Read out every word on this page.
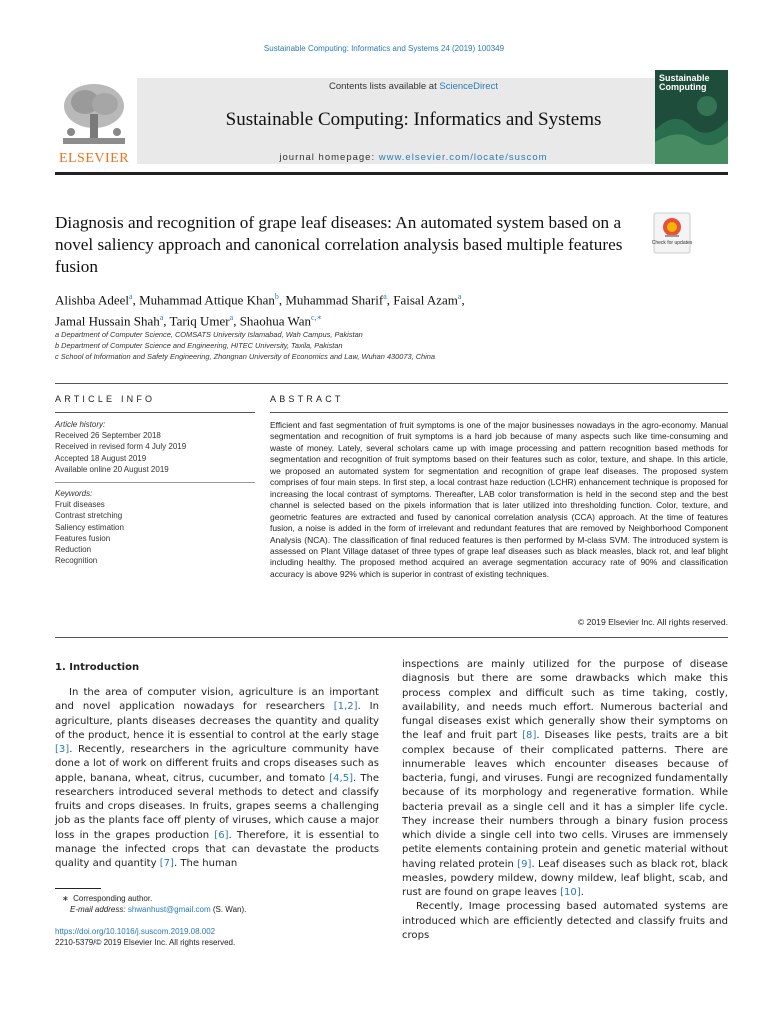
Sustainable Computing: Informatics and Systems 24 (2019) 100349
ELSEVIER
Contents lists available at ScienceDirect
Sustainable Computing: Informatics and Systems
journal homepage: www.elsevier.com/locate/suscom
Sustainable Computing
Diagnosis and recognition of grape leaf diseases: An automated system based on a novel saliency approach and canonical correlation analysis based multiple features fusion
Check for updates
Alishba Adeel$^a$, Muhammad Attique Khan$^b$, Muhammad Sharif$^a$, Faisal Azam$^a$,
Jamal Hussain Shah$^a$, Tariq Umer$^a$, Shaohua Wan$^{c,∗}$
a Department of Computer Science, COMSATS University Islamabad, Wah Campus, Pakistan
b Department of Computer Science and Engineering, HITEC University, Taxila, Pakistan
c School of Information and Safety Engineering, Zhongnan University of Economics and Law, Wuhan 430073, China
ARTICLE INFO	ABSTRACT
Article history:
Received 26 September 2018
Received in revised form 4 July 2019
Accepted 18 August 2019
Available online 20 August 2019
Keywords:
Fruit diseases
Contrast stretching
Saliency estimation
Features fusion
Reduction
Recognition
Efficient and fast segmentation of fruit symptoms is one of the major businesses nowadays in the agro-economy. Manual segmentation and recognition of fruit symptoms is a hard job because of many aspects such like time-consuming and waste of money. Lately, several scholars came up with image processing and pattern recognition based methods for segmentation and recognition of fruit symptoms based on their features such as color, texture, and shape. In this article, we proposed an automated system for segmentation and recognition of grape leaf diseases. The proposed system comprises of four main steps. In first step, a local contrast haze reduction (LCHR) enhancement technique is proposed for increasing the local contrast of symptoms. Thereafter, LAB color transformation is held in the second step and the best channel is selected based on the pixels information that is later utilized into thresholding function. Color, texture, and geometric features are extracted and fused by canonical correlation analysis (CCA) approach. At the time of features fusion, a noise is added in the form of irrelevant and redundant features that are removed by Neighborhood Component Analysis (NCA). The classification of final reduced features is then performed by M-class SVM. The introduced system is assessed on Plant Village dataset of three types of grape leaf diseases such as black measles, black rot, and leaf blight including healthy. The proposed method acquired an average segmentation accuracy rate of 90% and classification accuracy is above 92% which is superior in contrast of existing techniques.
© 2019 Elsevier Inc. All rights reserved.
1. Introduction

In the area of computer vision, agriculture is an important and novel application nowadays for researchers [1,2]. In agriculture, plants diseases decreases the quantity and quality of the product, hence it is essential to control at the early stage [3]. Recently, researchers in the agriculture community have done a lot of work on different fruits and crops diseases such as apple, banana, wheat, citrus, cucumber, and tomato [4,5]. The researchers introduced several methods to detect and classify fruits and crops diseases. In fruits, grapes seems a challenging job as the plants face off plenty of viruses, which cause a major loss in the grapes production [6]. Therefore, it is essential to manage the infected crops that can devastate the products quality and quantity [7]. The human

inspections are mainly utilized for the purpose of disease diagnosis but there are some drawbacks which make this process complex and difficult such as time taking, costly, availability, and needs much effort. Numerous bacterial and fungal diseases exist which generally show their symptoms on the leaf and fruit part [8]. Diseases like pests, traits are a bit complex because of their complicated patterns. There are innumerable leaves which encounter diseases because of bacteria, fungi, and viruses. Fungi are recognized fundamentally because of its morphology and regenerative formation. While bacteria prevail as a single cell and it has a simpler life cycle. They increase their numbers through a binary fusion process which divide a single cell into two cells. Viruses are immensely petite elements containing protein and genetic material without having related protein [9]. Leaf diseases such as black rot, black measles, powdery mildew, downy mildew, leaf blight, scab, and rust are found on grape leaves [10].

Recently, Image processing based automated systems are introduced which are efficiently detected and classify fruits and crops

∗ Corresponding author.
E-mail address: shwanhust@gmail.com (S. Wan).
https://doi.org/10.1016/j.suscom.2019.08.002
2210-5379/© 2019 Elsevier Inc. All rights reserved.
